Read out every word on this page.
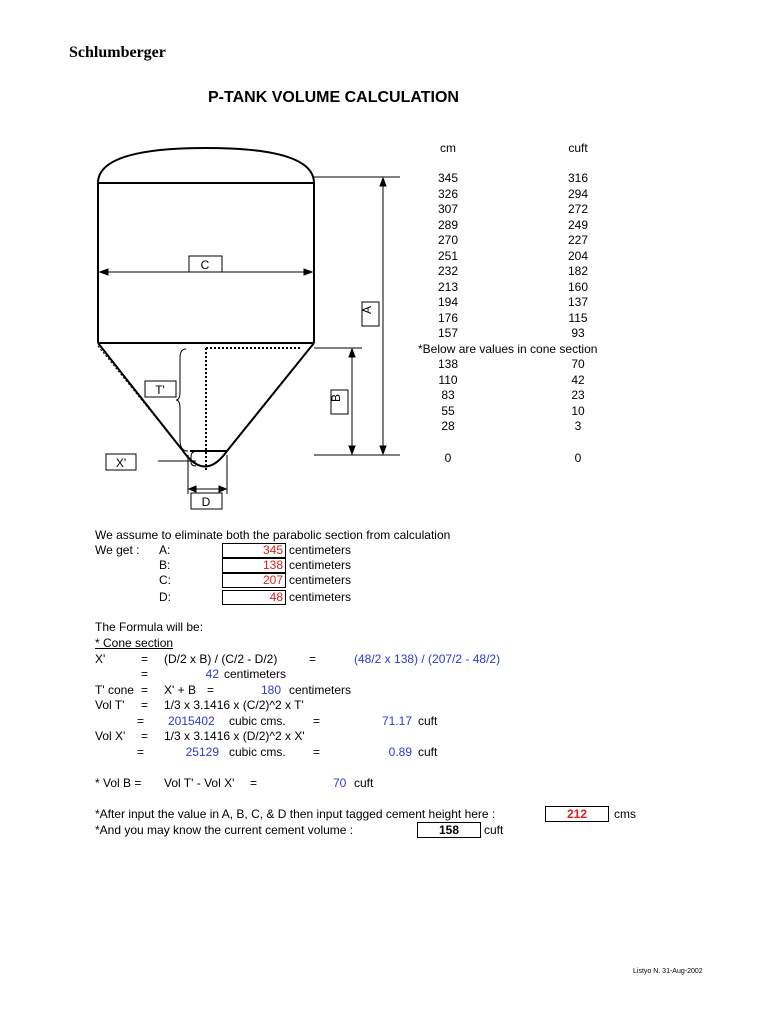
Schlumberger
P-TANK VOLUME CALCULATION
C
A
B
T'
X'
D
cm	cuft
345	316
326	294
307	272
289	249
270	227
251	204
232	182
213	160
194	137
176	115
157	93
*Below are values in cone section
138	70
110	42
83	23
55	10
28	3
0	0
We assume to eliminate both the parabolic section from calculation
We get : A:	345 centimeters
B:	138 centimeters
C:	207 centimeters
D:	48 centimeters
The Formula will be:
* Cone section
X'	= (D/2 x B) / (C/2 - D/2)	=	(48/2 x 138) / (207/2 - 48/2)
=	42 centimeters
T' cone = X' + B =	180 centimeters
Vol T' = 1/3 x 3.1416 x (C/2)^2 x T'
= 2015402 cubic cms. =	71.17 cuft
Vol X' = 1/3 x 3.1416 x (D/2)^2 x X'
=	25129 cubic cms. =	0.89 cuft
* Vol B = Vol T' - Vol X' =	70 cuft
*After input the value in A, B, C, & D then input tagged cement height here :	212	cms
*And you may know the current cement volume :	158	cuft
Listyo N. 31-Aug-2002
